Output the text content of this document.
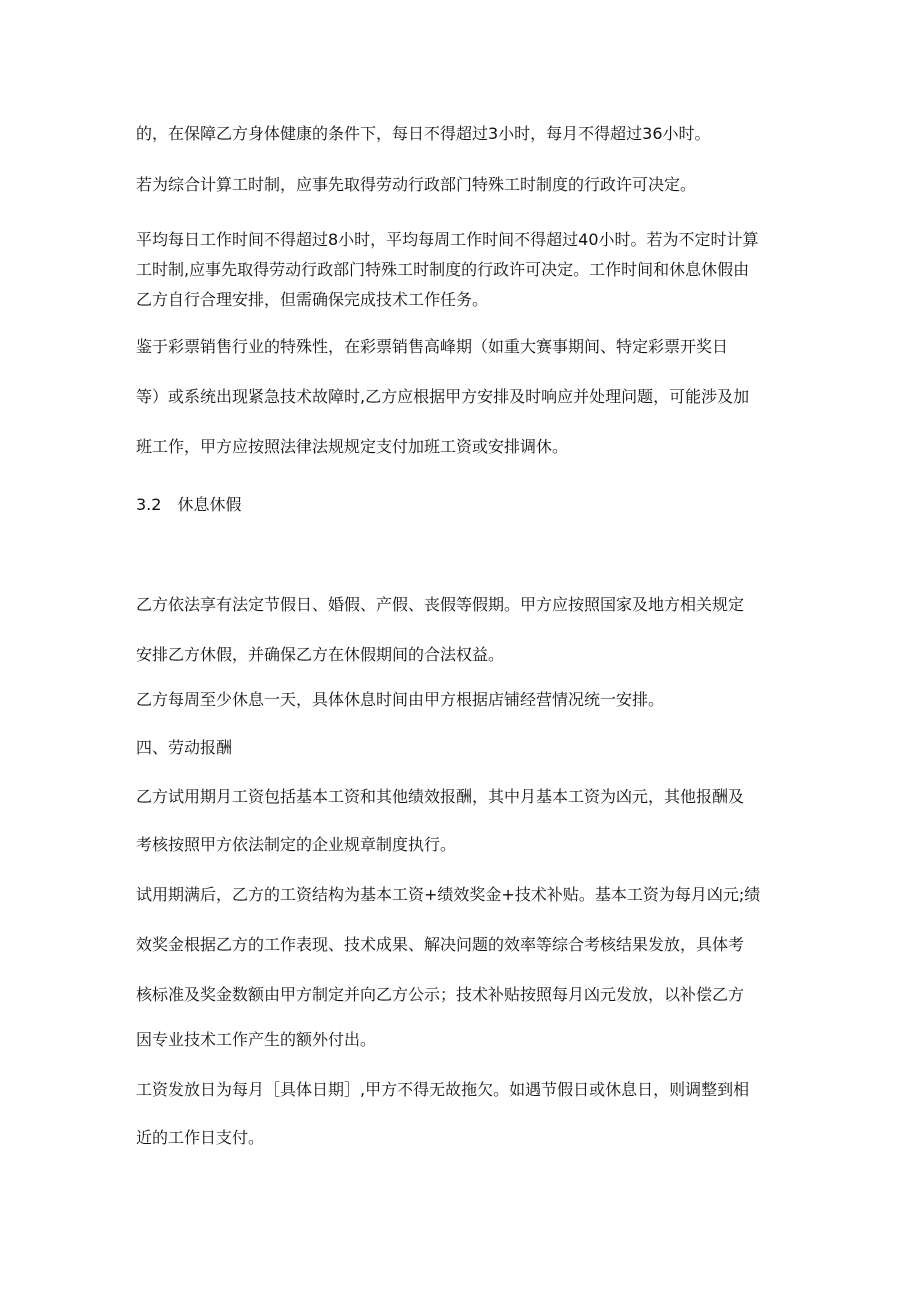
的，在保障乙方身体健康的条件下，每日不得超过3小时，每月不得超过36小时。
若为综合计算工时制，应事先取得劳动行政部门特殊工时制度的行政许可决定。
平均每日工作时间不得超过8小时，平均每周工作时间不得超过40小时。若为不定时计算
工时制,应事先取得劳动行政部门特殊工时制度的行政许可决定。工作时间和休息休假由
乙方自行合理安排，但需确保完成技术工作任务。
鉴于彩票销售行业的特殊性，在彩票销售高峰期（如重大赛事期间、特定彩票开奖日
等）或系统出现紧急技术故障时,乙方应根据甲方安排及时响应并处理问题，可能涉及加
班工作，甲方应按照法律法规规定支付加班工资或安排调休。
3.2　休息休假
乙方依法享有法定节假日、婚假、产假、丧假等假期。甲方应按照国家及地方相关规定
安排乙方休假，并确保乙方在休假期间的合法权益。
乙方每周至少休息一天，具体休息时间由甲方根据店铺经营情况统一安排。
四、劳动报酬
乙方试用期月工资包括基本工资和其他绩效报酬，其中月基本工资为凶元，其他报酬及
考核按照甲方依法制定的企业规章制度执行。
试用期满后，乙方的工资结构为基本工资+绩效奖金+技术补贴。基本工资为每月凶元;绩
效奖金根据乙方的工作表现、技术成果、解决问题的效率等综合考核结果发放，具体考
核标准及奖金数额由甲方制定并向乙方公示；技术补贴按照每月凶元发放，以补偿乙方
因专业技术工作产生的额外付出。
工资发放日为每月［具体日期］,甲方不得无故拖欠。如遇节假日或休息日，则调整到相
近的工作日支付。
